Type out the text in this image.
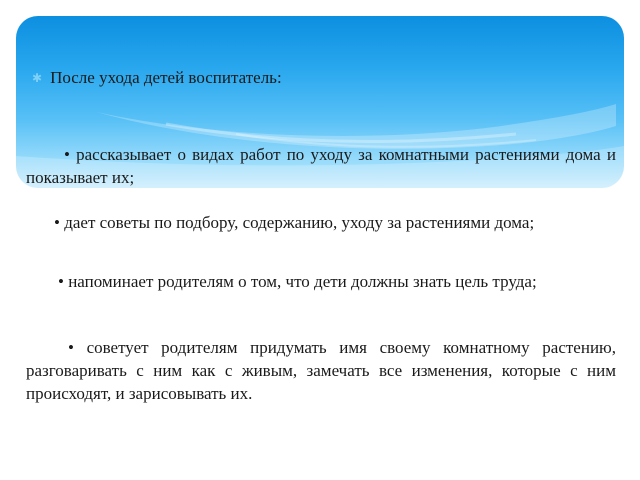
✱ После ухода детей воспитатель:
• рассказывает о видах работ по уходу за комнатными растениями дома и показывает их;
• дает советы по подбору, содержанию, уходу за растениями дома;
• напоминает родителям о том, что дети должны знать цель труда;
• советует родителям придумать имя своему комнатному растению, разговаривать с ним как с живым, замечать все изменения, которые с ним происходят, и зарисовывать их.
